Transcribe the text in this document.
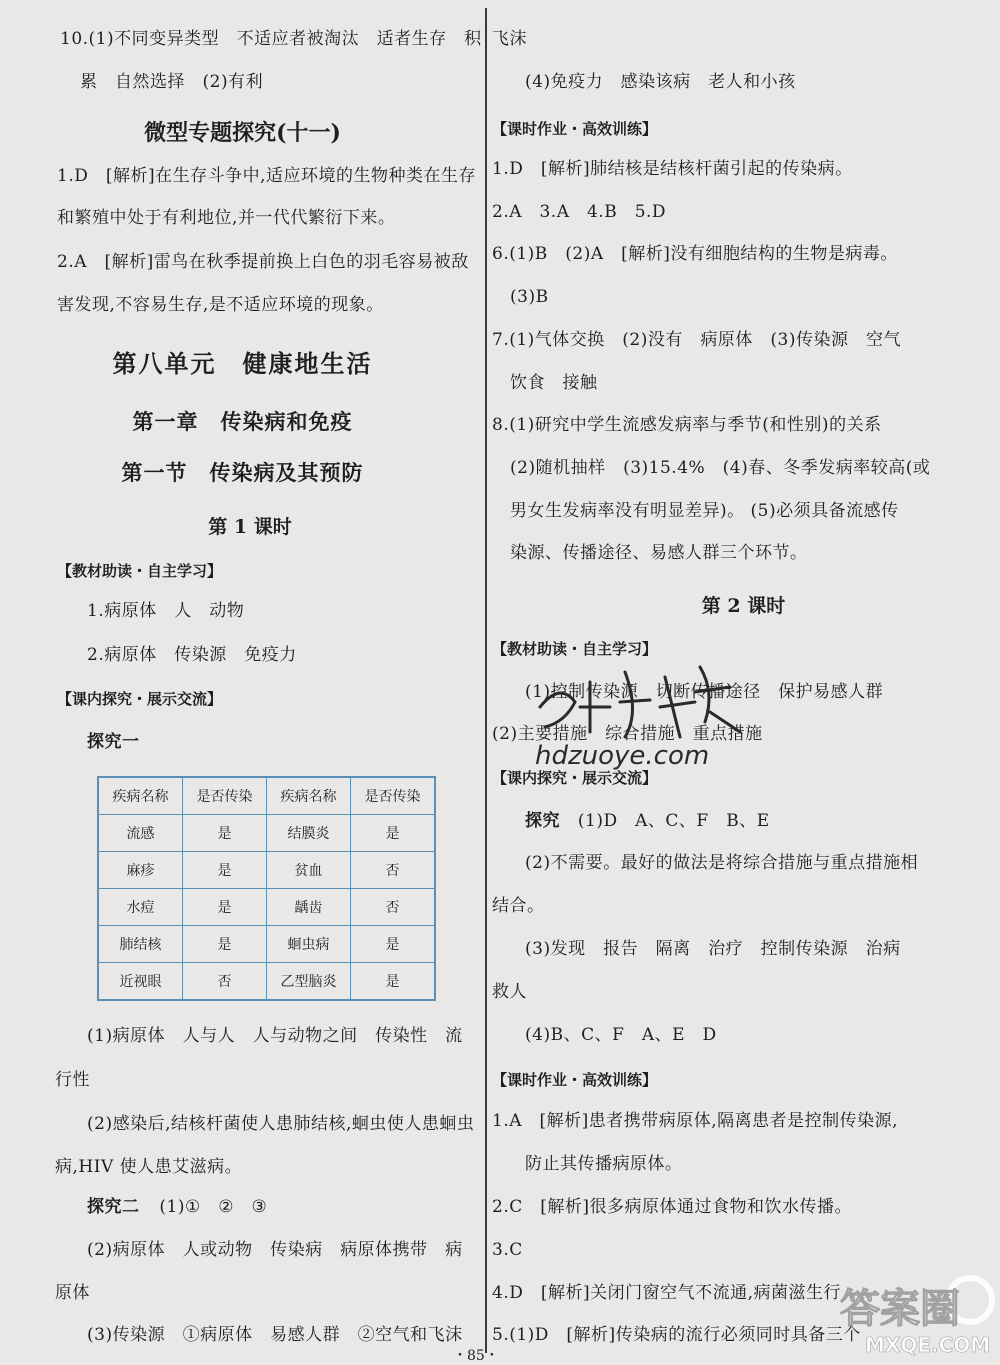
10.(1)不同变异类型　不适应者被淘汰　适者生存　积
累　自然选择　(2)有利
微型专题探究(十一)
1.D　[解析]在生存斗争中,适应环境的生物种类在生存
和繁殖中处于有利地位,并一代代繁衍下来。
2.A　[解析]雷鸟在秋季提前换上白色的羽毛容易被敌
害发现,不容易生存,是不适应环境的现象。
第八单元　健康地生活
第一章　传染病和免疫
第一节　传染病及其预防
第 1 课时
【教材助读・自主学习】
1.病原体　人　动物
2.病原体　传染源　免疫力
【课内探究・展示交流】
探究一
疾病名称	是否传染	疾病名称	是否传染
流感	是	结膜炎	是
麻疹	是	贫血	否
水痘	是	龋齿	否
肺结核	是	蛔虫病	是
近视眼	否	乙型脑炎	是
(1)病原体　人与人　人与动物之间　传染性　流
行性
(2)感染后,结核杆菌使人患肺结核,蛔虫使人患蛔虫
病,HIV 使人患艾滋病。
探究二 (1)①　②　③
(2)病原体　人或动物　传染病　病原体携带　病
原体
(3)传染源　①病原体　易感人群　②空气和飞沫
飞沫
(4)免疫力　感染该病　老人和小孩
【课时作业・高效训练】
1.D　[解析]肺结核是结核杆菌引起的传染病。
2.A　3.A　4.B　5.D
6.(1)B　(2)A　[解析]没有细胞结构的生物是病毒。
(3)B
7.(1)气体交换　(2)没有　病原体　(3)传染源　空气
饮食　接触
8.(1)研究中学生流感发病率与季节(和性别)的关系
(2)随机抽样　(3)15.4%　(4)春、冬季发病率较高(或
男女生发病率没有明显差异)。 (5)必须具备流感传
染源、传播途径、易感人群三个环节。
第 2 课时
【教材助读・自主学习】
(1)控制传染源　切断传播途径　保护易感人群
(2)主要措施　综合措施　重点措施
【课内探究・展示交流】
探究 (1)D　A、C、F　B、E
(2)不需要。最好的做法是将综合措施与重点措施相
结合。
(3)发现　报告　隔离　治疗　控制传染源　治病
救人
(4)B、C、F　A、E　D
【课时作业・高效训练】
1.A　[解析]患者携带病原体,隔离患者是控制传染源,
防止其传播病原体。
2.C　[解析]很多病原体通过食物和饮水传播。
3.C
4.D　[解析]关闭门窗空气不流通,病菌滋生行
5.(1)D　[解析]传染病的流行必须同时具备三个
hdzuoye.com
・85・
答案圈
MXQE.COM
